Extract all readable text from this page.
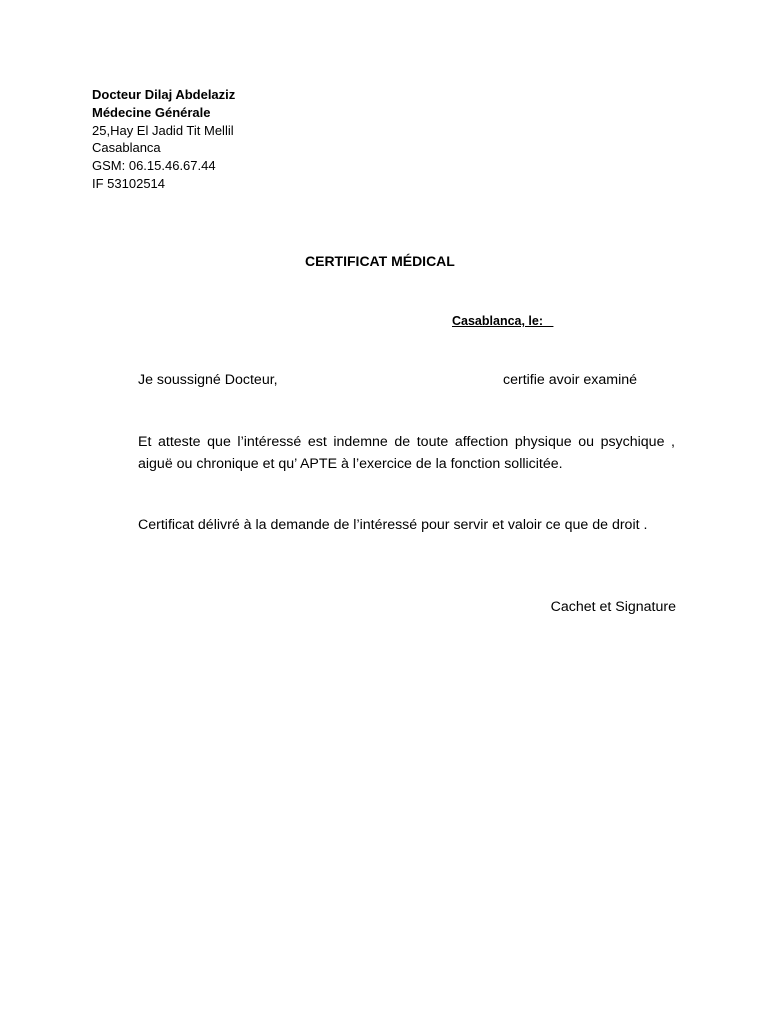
Docteur Dilaj Abdelaziz
Médecine Générale
25,Hay El Jadid Tit Mellil
Casablanca
GSM: 06.15.46.67.44
IF 53102514
CERTIFICAT MÉDICAL
Casablanca, le:
Je soussigné Docteur,	certifie avoir examiné

Et atteste que l’intéressé est indemne de toute affection physique ou psychique , aiguë ou chronique et qu’ APTE à l’exercice de la fonction sollicitée.

Certificat délivré à la demande de l’intéressé pour servir et valoir ce que de droit .

Cachet et Signature
